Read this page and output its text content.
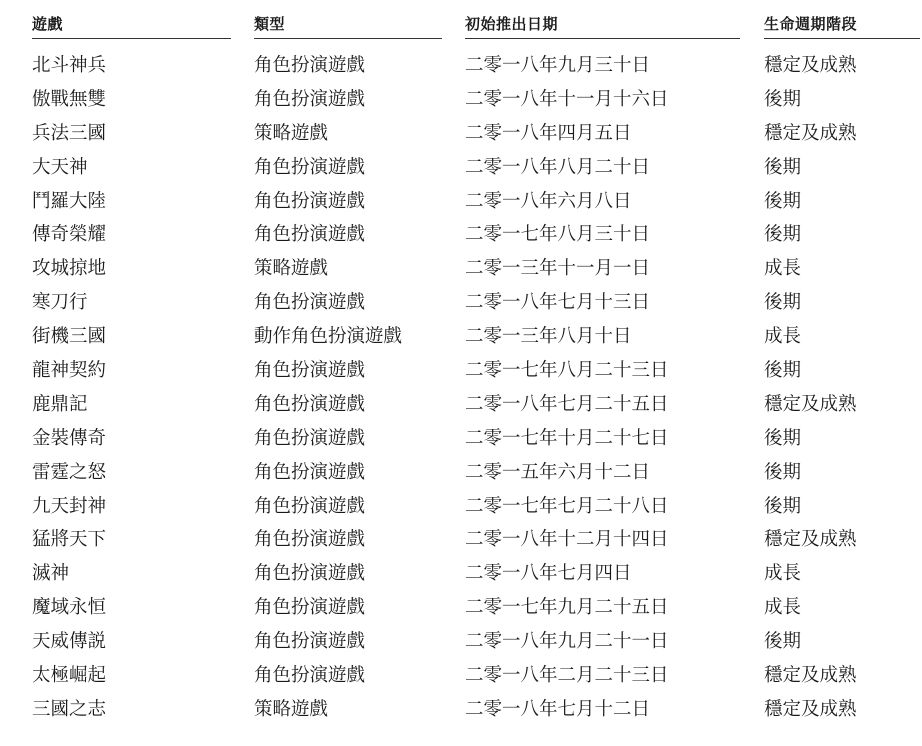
遊戲	類型	初始推出日期	生命週期階段
北斗神兵	角色扮演遊戲	二零一八年九月三十日	穩定及成熟
傲戰無雙	角色扮演遊戲	二零一八年十一月十六日	後期
兵法三國	策略遊戲	二零一八年四月五日	穩定及成熟
大天神	角色扮演遊戲	二零一八年八月二十日	後期
鬥羅大陸	角色扮演遊戲	二零一八年六月八日	後期
傳奇榮耀	角色扮演遊戲	二零一七年八月三十日	後期
攻城掠地	策略遊戲	二零一三年十一月一日	成長
寒刀行	角色扮演遊戲	二零一八年七月十三日	後期
街機三國	動作角色扮演遊戲	二零一三年八月十日	成長
龍神契約	角色扮演遊戲	二零一七年八月二十三日	後期
鹿鼎記	角色扮演遊戲	二零一八年七月二十五日	穩定及成熟
金裝傳奇	角色扮演遊戲	二零一七年十月二十七日	後期
雷霆之怒	角色扮演遊戲	二零一五年六月十二日	後期
九天封神	角色扮演遊戲	二零一七年七月二十八日	後期
猛將天下	角色扮演遊戲	二零一八年十二月十四日	穩定及成熟
滅神	角色扮演遊戲	二零一八年七月四日	成長
魔域永恒	角色扮演遊戲	二零一七年九月二十五日	成長
天威傳説	角色扮演遊戲	二零一八年九月二十一日	後期
太極崛起	角色扮演遊戲	二零一八年二月二十三日	穩定及成熟
三國之志	策略遊戲	二零一八年七月十二日	穩定及成熟
